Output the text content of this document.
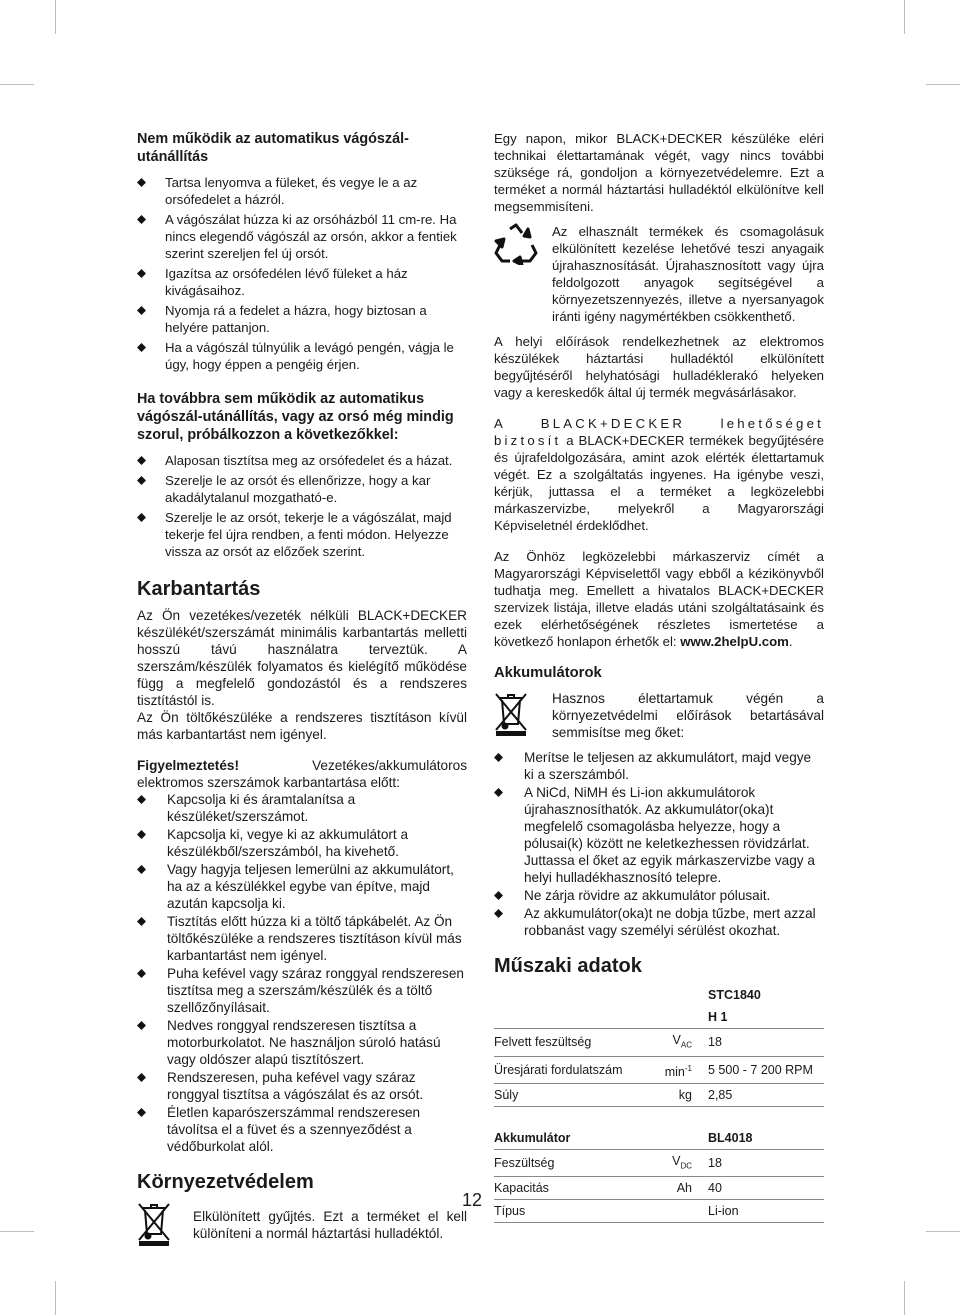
Nem működik az automatikus vágószál-utánállítás
Tartsa lenyomva a füleket, és vegye le a az orsófedelet a házról.
A vágószálat húzza ki az orsóházból 11 cm-re. Ha nincs elegendő vágószál az orsón, akkor a fentiek szerint szereljen fel új orsót.
Igazítsa az orsófedélen lévő füleket a ház kivágásaihoz.
Nyomja rá a fedelet a házra, hogy biztosan a helyére pattanjon.
Ha a vágószál túlnyúlik a levágó pengén, vágja le úgy, hogy éppen a pengéig érjen.
Ha továbbra sem működik az automatikus vágószál-utánállítás, vagy az orsó még mindig szorul, próbálkozzon a következőkkel:
Alaposan tisztítsa meg az orsófedelet és a házat.
Szerelje le az orsót és ellenőrizze, hogy a kar akadálytalanul mozgatható-e.
Szerelje le az orsót, tekerje le a vágószálat, majd tekerje fel újra rendben, a fenti módon. Helyezze vissza az orsót az előzőek szerint.
Karbantartás

Az Ön vezetékes/vezeték nélküli BLACK+DECKER készülékét/szerszámát minimális karbantartás melletti hosszú távú használatra terveztük. A szerszám/készülék folyamatos és kielégítő működése függ a megfelelő gondozástól és a rendszeres tisztítástól is.

Az Ön töltőkészüléke a rendszeres tisztításon kívül más karbantartást nem igényel.

Figyelmeztetés! Vezetékes/akkumulátoros elektromos szerszámok karbantartása előtt:

Kapcsolja ki és áramtalanítsa a készüléket/szerszámot.
Kapcsolja ki, vegye ki az akkumulátort a készülékből/szerszámból, ha kivehető.
Vagy hagyja teljesen lemerülni az akkumulátort, ha az a készülékkel egybe van építve, majd azután kapcsolja ki.
Tisztítás előtt húzza ki a töltő tápkábelét. Az Ön töltőkészüléke a rendszeres tisztításon kívül más karbantartást nem igényel.
Puha kefével vagy száraz ronggyal rendszeresen tisztítsa meg a szerszám/készülék és a töltő szellőzőnyílásait.
Nedves ronggyal rendszeresen tisztítsa a motorburkolatot. Ne használjon súroló hatású vagy oldószer alapú tisztítószert.
Rendszeresen, puha kefével vagy száraz ronggyal tisztítsa a vágószálat és az orsót.
Életlen kaparószerszámmal rendszeresen távolítsa el a füvet és a szennyeződést a védőburkolat alól.
Környezetvédelem

Elkülönített gyűjtés. Ezt a terméket el kell különíteni a normál háztartási hulladéktól.

Egy napon, mikor BLACK+DECKER készüléke eléri technikai élettartamának végét, vagy nincs további szüksége rá, gondoljon a környezetvédelemre. Ezt a terméket a normál háztartási hulladéktól elkülönítve kell megsemmisíteni.

Az elhasznált termékek és csomagolásuk elkülönített kezelése lehetővé teszi anyagaik újrahasznosítását. Újrahasznosított vagy újra feldolgozott anyagok segítségével a környezetszennyezés, illetve a nyersanyagok iránti igény nagymértékben csökkenthető.

A helyi előírások rendelkezhetnek az elektromos készülékek háztartási hulladéktól elkülönített begyűjtéséről helyhatósági hulladéklerakó helyeken vagy a kereskedők által új termék megvásárlásakor.

A BLACK+DECKER lehetőséget biztosít a BLACK+DECKER termékek begyűjtésére és újrafeldolgozására, amint azok elérték élettartamuk végét. Ez a szolgáltatás ingyenes. Ha igénybe veszi, kérjük, juttassa el a terméket a legközelebbi márkaszervizbe, melyekről a Magyarországi Képviseletnél érdeklődhet.

Az Önhöz legközelebbi márkaszerviz címét a Magyarországi Képviselettől vagy ebből a kézikönyvből tudhatja meg. Emellett a hivatalos BLACK+DECKER szervizek listája, illetve eladás utáni szolgáltatásaink és ezek elérhetőségének részletes ismertetése a következő honlapon érhetők el: www.2helpU.com.

Akkumulátorok

Hasznos élettartamuk végén a környezetvédelmi előírások betartásával semmisítse meg őket:

Merítse le teljesen az akkumulátort, majd vegye ki a szerszámból.
A NiCd, NiMH és Li-ion akkumulátorok újrahasznosíthatók. Az akkumulátor(oka)t megfelelő csomagolásba helyezze, hogy a pólusai(k) között ne keletkezhessen rövidzárlat. Juttassa el őket az egyik márkaszervizbe vagy a helyi hulladékhasznosító telepre.
Ne zárja rövidre az akkumulátor pólusait.
Az akkumulátor(oka)t ne dobja tűzbe, mert azzal robbanást vagy személyi sérülést okozhat.
Műszaki adatok
		STC1840
		H 1
Felvett feszültség	$V_{AC}$	18
Üresjárati fordulatszám	$\min^{-1}$	5 500 - 7 200 RPM
Súly	kg	2,85
Akkumulátor		BL4018
Feszültség	$V_{DC}$	18
Kapacitás	Ah	40
Típus		Li-ion
12
